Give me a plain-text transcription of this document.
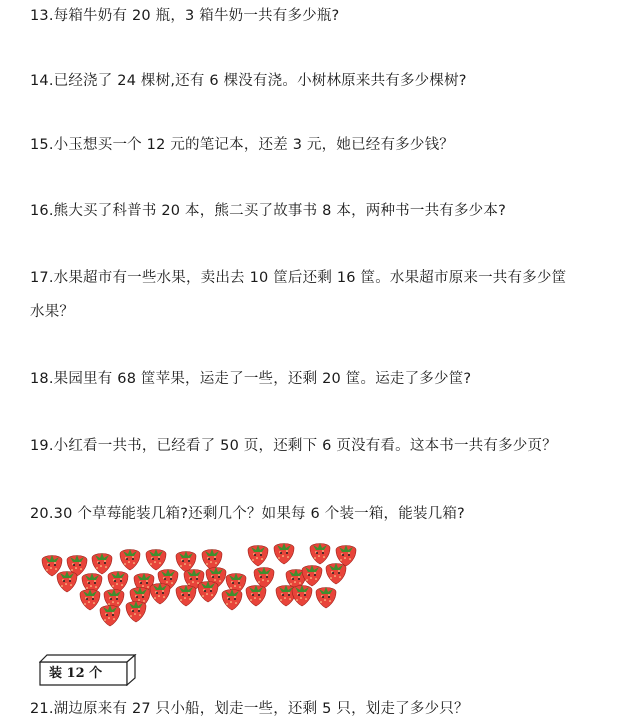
13.每箱牛奶有 20 瓶，3 箱牛奶一共有多少瓶?
14.已经浇了 24 棵树,还有 6 棵没有浇。小树林原来共有多少棵树?
15.小玉想买一个 12 元的笔记本，还差 3 元，她已经有多少钱？
16.熊大买了科普书 20 本，熊二买了故事书 8 本，两种书一共有多少本?
17.水果超市有一些水果，卖出去 10 筐后还剩 16 筐。水果超市原来一共有多少筐
水果？
18.果园里有 68 筐苹果，运走了一些，还剩 20 筐。运走了多少筐?
19.小红看一共书，已经看了 50 页，还剩下 6 页没有看。这本书一共有多少页？
20.30 个草莓能装几箱?还剩几个？如果每 6 个装一箱，能装几箱?
装 12 个
21.湖边原来有 27 只小船，划走一些，还剩 5 只，划走了多少只？
